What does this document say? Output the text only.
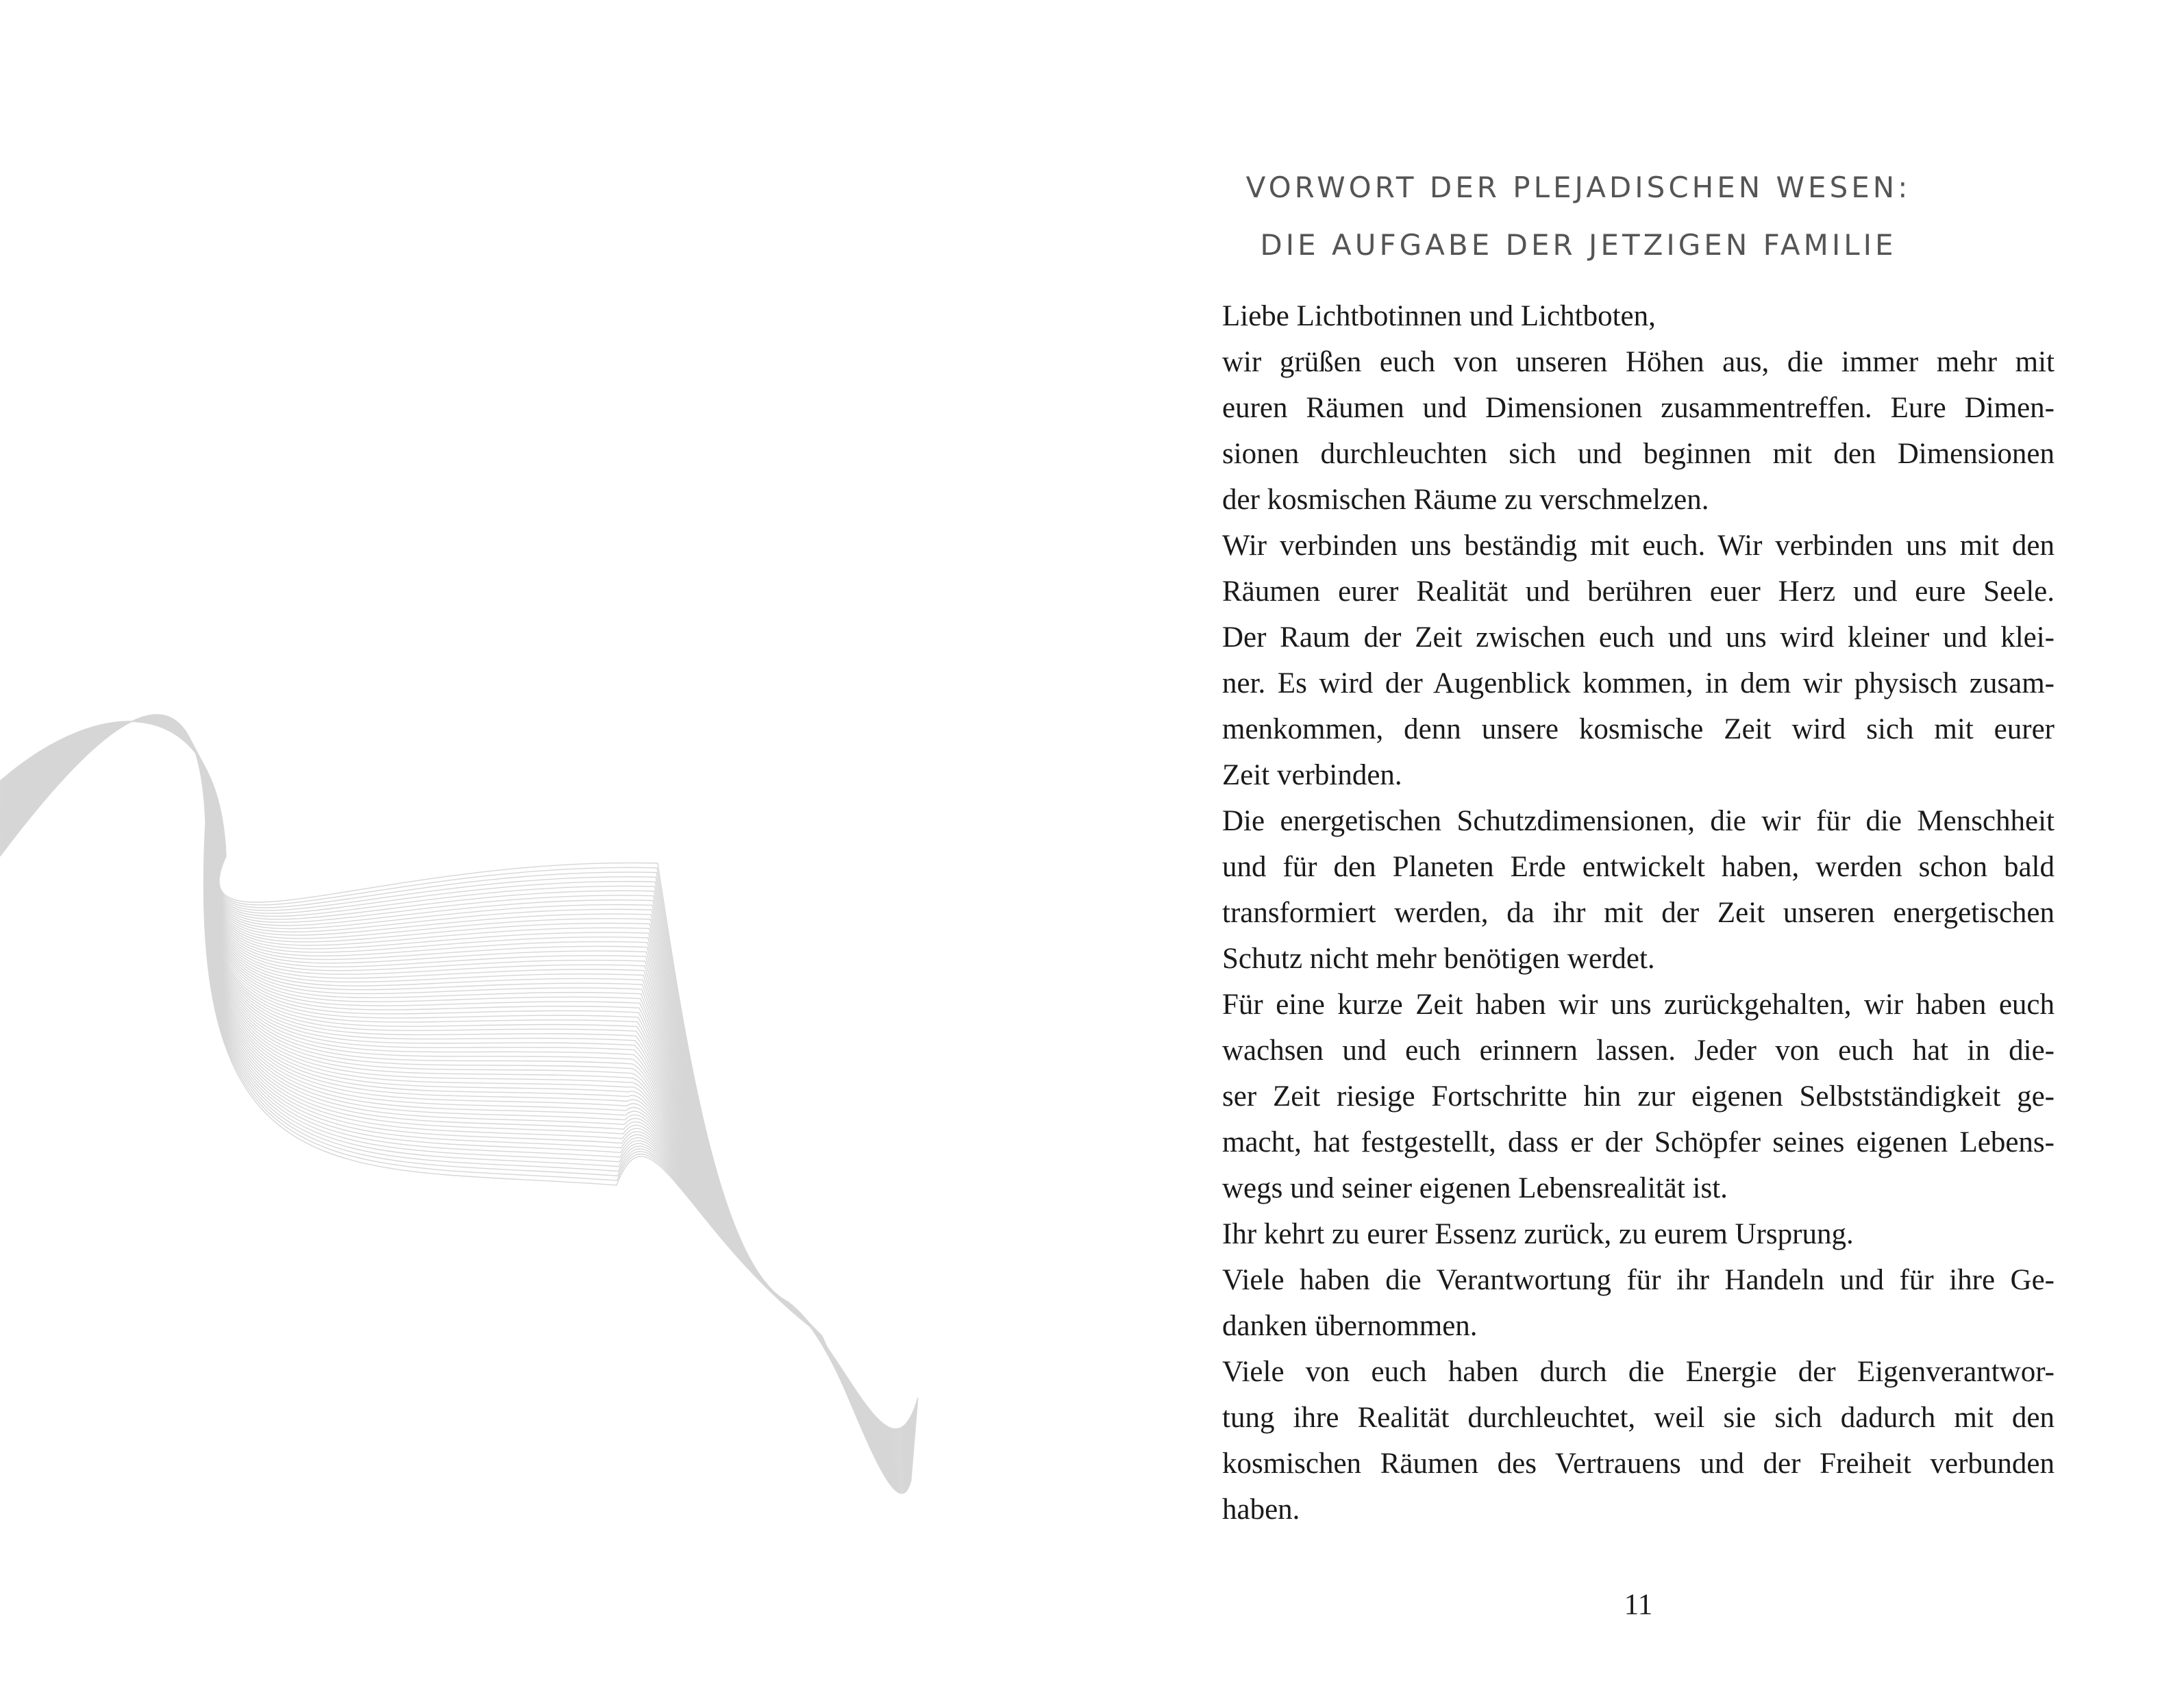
VORWORT DER PLEJADISCHEN WESEN:
DIE AUFGABE DER JETZIGEN FAMILIE
Liebe Lichtbotinnen und Lichtboten,
wir grüßen euch von unseren Höhen aus, die immer mehr mit
euren Räumen und Dimensionen zusammentreffen. Eure Dimen-
sionen durchleuchten sich und beginnen mit den Dimensionen
der kosmischen Räume zu verschmelzen.
Wir verbinden uns beständig mit euch. Wir verbinden uns mit den
Räumen eurer Realität und berühren euer Herz und eure Seele.
Der Raum der Zeit zwischen euch und uns wird kleiner und klei-
ner. Es wird der Augenblick kommen, in dem wir physisch zusam-
menkommen, denn unsere kosmische Zeit wird sich mit eurer
Zeit verbinden.
Die energetischen Schutzdimensionen, die wir für die Menschheit
und für den Planeten Erde entwickelt haben, werden schon bald
transformiert werden, da ihr mit der Zeit unseren energetischen
Schutz nicht mehr benötigen werdet.
Für eine kurze Zeit haben wir uns zurückgehalten, wir haben euch
wachsen und euch erinnern lassen. Jeder von euch hat in die-
ser Zeit riesige Fortschritte hin zur eigenen Selbstständigkeit ge-
macht, hat festgestellt, dass er der Schöpfer seines eigenen Lebens-
wegs und seiner eigenen Lebensrealität ist.
Ihr kehrt zu eurer Essenz zurück, zu eurem Ursprung.
Viele haben die Verantwortung für ihr Handeln und für ihre Ge-
danken übernommen.
Viele von euch haben durch die Energie der Eigenverantwor-
tung ihre Realität durchleuchtet, weil sie sich dadurch mit den
kosmischen Räumen des Vertrauens und der Freiheit verbunden
haben.
11
